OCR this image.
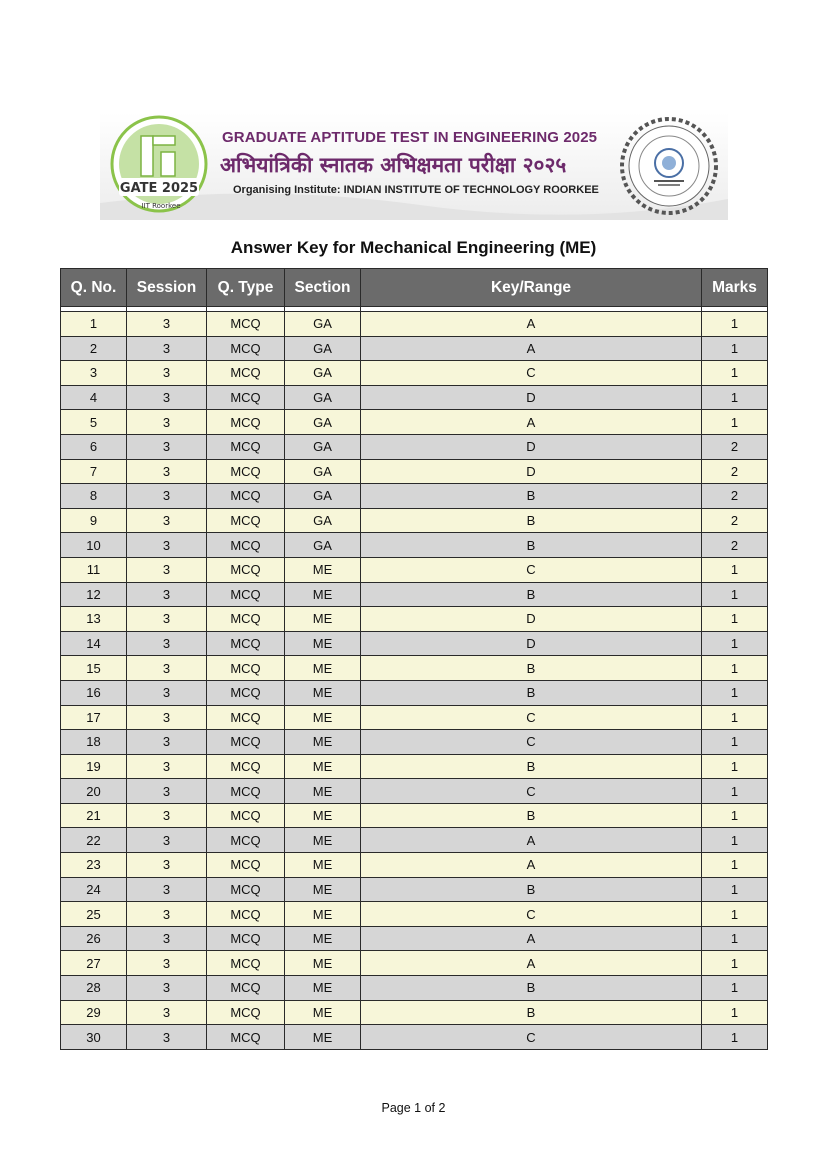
GATE 2025
IIT Roorkee
GRADUATE APTITUDE TEST IN ENGINEERING 2025
अभियांत्रिकी स्नातक अभिक्षमता परीक्षा २०२५
Organising Institute: INDIAN INSTITUTE OF TECHNOLOGY ROORKEE
Answer Key for Mechanical Engineering (ME)
Q. No.	Session	Q. Type	Section	Key/Range	Marks

1	3	MCQ	GA	A	1
2	3	MCQ	GA	A	1
3	3	MCQ	GA	C	1
4	3	MCQ	GA	D	1
5	3	MCQ	GA	A	1
6	3	MCQ	GA	D	2
7	3	MCQ	GA	D	2
8	3	MCQ	GA	B	2
9	3	MCQ	GA	B	2
10	3	MCQ	GA	B	2
11	3	MCQ	ME	C	1
12	3	MCQ	ME	B	1
13	3	MCQ	ME	D	1
14	3	MCQ	ME	D	1
15	3	MCQ	ME	B	1
16	3	MCQ	ME	B	1
17	3	MCQ	ME	C	1
18	3	MCQ	ME	C	1
19	3	MCQ	ME	B	1
20	3	MCQ	ME	C	1
21	3	MCQ	ME	B	1
22	3	MCQ	ME	A	1
23	3	MCQ	ME	A	1
24	3	MCQ	ME	B	1
25	3	MCQ	ME	C	1
26	3	MCQ	ME	A	1
27	3	MCQ	ME	A	1
28	3	MCQ	ME	B	1
29	3	MCQ	ME	B	1
30	3	MCQ	ME	C	1
Page 1 of 2
